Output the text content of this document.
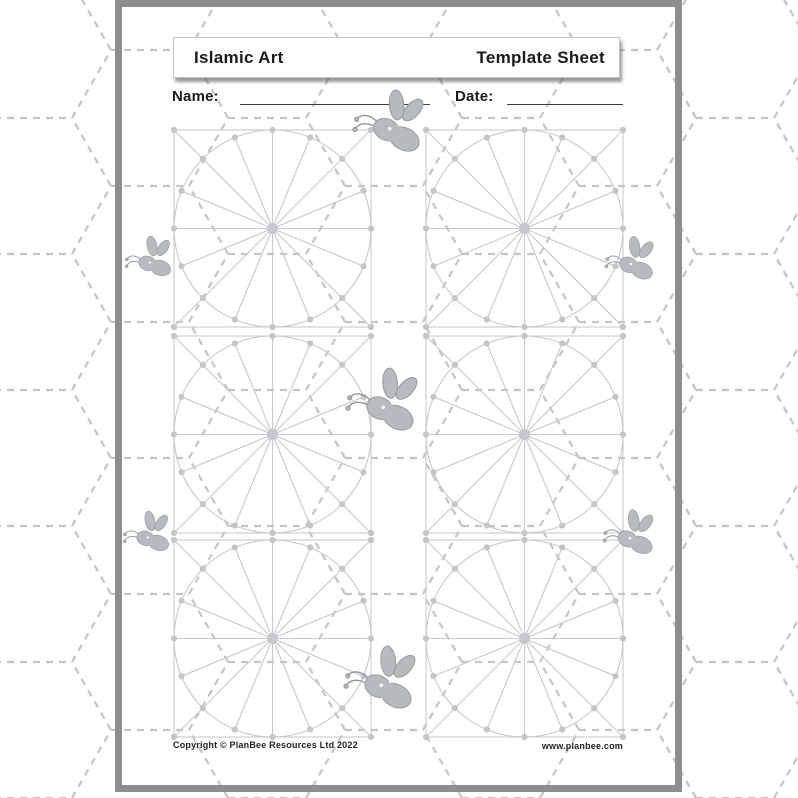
Islamic Art	Template Sheet
Name:	Date:
Copyright © PlanBee Resources Ltd 2022	www.planbee.com
